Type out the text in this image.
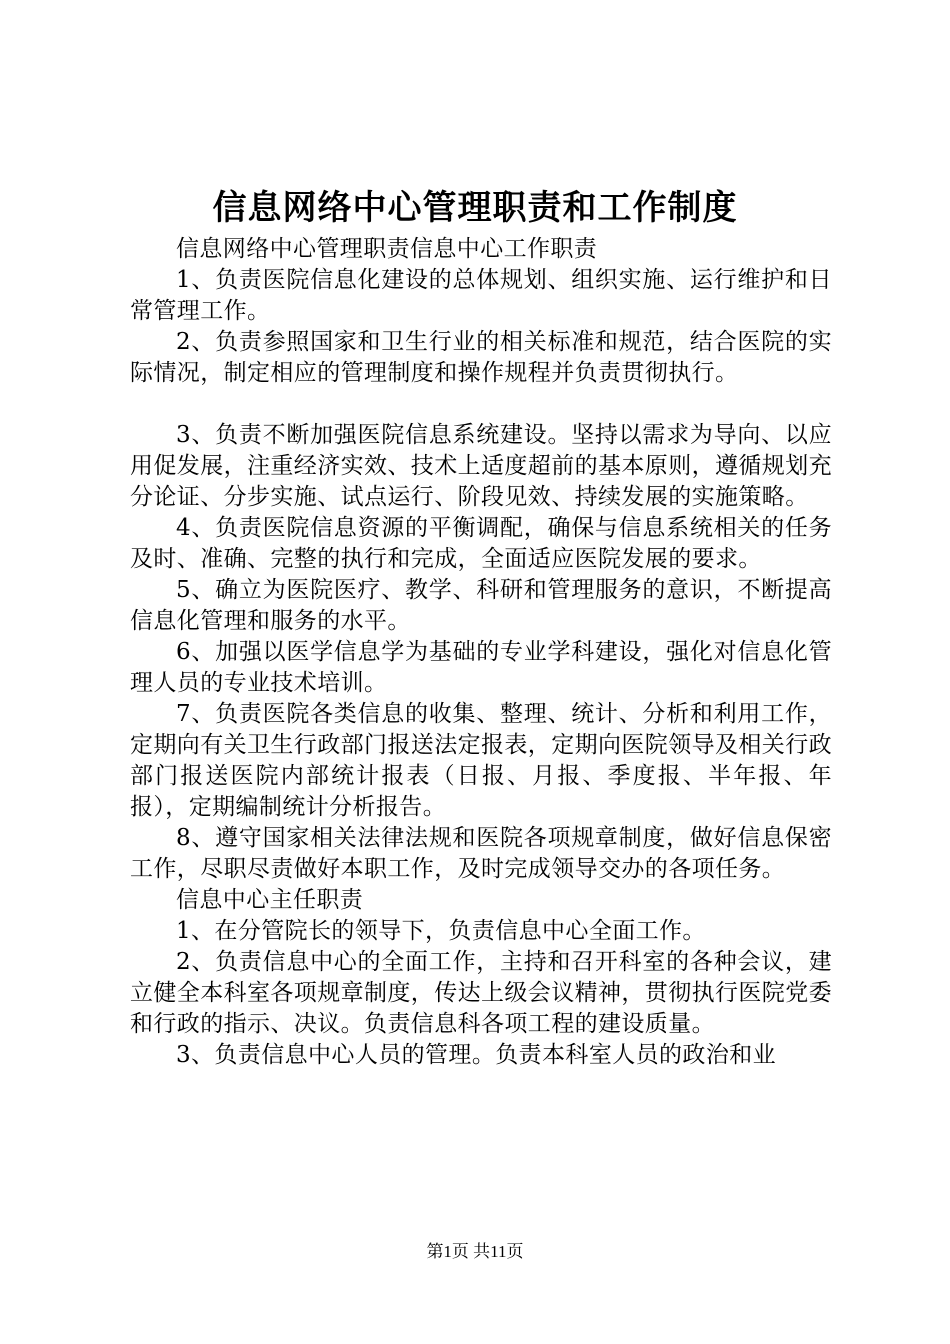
信息网络中心管理职责和工作制度

信息网络中心管理职责信息中心工作职责

1、负责医院信息化建设的总体规划、组织实施、运行维护和日常管理工作。

2、负责参照国家和卫生行业的相关标准和规范，结合医院的实际情况，制定相应的管理制度和操作规程并负责贯彻执行。

3、负责不断加强医院信息系统建设。坚持以需求为导向、以应用促发展，注重经济实效、技术上适度超前的基本原则，遵循规划充分论证、分步实施、试点运行、阶段见效、持续发展的实施策略。

4、负责医院信息资源的平衡调配，确保与信息系统相关的任务及时、准确、完整的执行和完成，全面适应医院发展的要求。

5、确立为医院医疗、教学、科研和管理服务的意识，不断提高信息化管理和服务的水平。

6、加强以医学信息学为基础的专业学科建设，强化对信息化管理人员的专业技术培训。

7、负责医院各类信息的收集、整理、统计、分析和利用工作，定期向有关卫生行政部门报送法定报表，定期向医院领导及相关行政部门报送医院内部统计报表（日报、月报、季度报、半年报、年报），定期编制统计分析报告。

8、遵守国家相关法律法规和医院各项规章制度，做好信息保密工作，尽职尽责做好本职工作，及时完成领导交办的各项任务。

信息中心主任职责

1、在分管院长的领导下，负责信息中心全面工作。

2、负责信息中心的全面工作，主持和召开科室的各种会议，建立健全本科室各项规章制度，传达上级会议精神，贯彻执行医院党委和行政的指示、决议。负责信息科各项工程的建设质量。

3、负责信息中心人员的管理。负责本科室人员的政治和业

第1页 共11页
